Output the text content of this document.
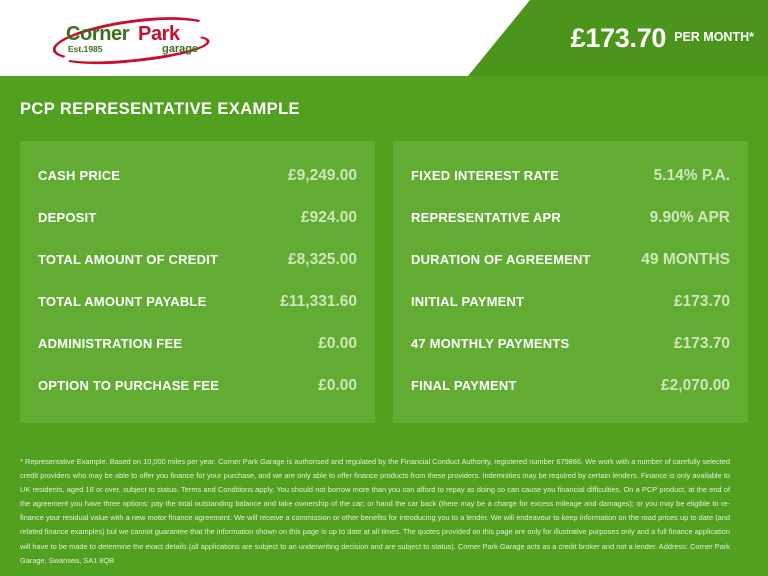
Corner Park
Est.1985	garage	£173.70 PER MONTH*
PCP REPRESENTATIVE EXAMPLE
CASH PRICE	£9,249.00
DEPOSIT	£924.00
TOTAL AMOUNT OF CREDIT	£8,325.00
TOTAL AMOUNT PAYABLE	£11,331.60
ADMINISTRATION FEE	£0.00
OPTION TO PURCHASE FEE	£0.00
FIXED INTEREST RATE	5.14% P.A.
REPRESENTATIVE APR	9.90% APR
DURATION OF AGREEMENT	49 MONTHS
INITIAL PAYMENT	£173.70
47 MONTHLY PAYMENTS	£173.70
FINAL PAYMENT	£2,070.00
* Representative Example. Based on 10,000 miles per year. Corner Park Garage is authorised and regulated by the Financial Conduct Authority, registered number 679886. We work with a number of carefully selected credit providers who may be able to offer you finance for your purchase, and we are only able to offer finance products from these providers. Indemnities may be required by certain lenders. Finance is only available to UK residents, aged 18 or over, subject to status. Terms and Conditions apply. You should not borrow more than you can afford to repay as doing so can cause you financial difficulties. On a PCP product, at the end of the agreement you have three options: pay the total outstanding balance and take ownership of the car; or hand the car back (there may be a charge for excess mileage and damages); or you may be eligible to re-finance your residual value with a new motor finance agreement. We will receive a commission or other benefits for introducing you to a lender. We will endeavour to keep information on the road prices up to date (and related finance examples) but we cannot guarantee that the information shown on this page is up to date at all times. The quotes provided on this page are only for illustrative purposes only and a full finance application will have to be made to determine the exact details (all applications are subject to an underwriting decision and are subject to status). Corner Park Garage acts as a credit broker and not a lender. Address: Corner Park Garage, Swansea, SA1 8QB
